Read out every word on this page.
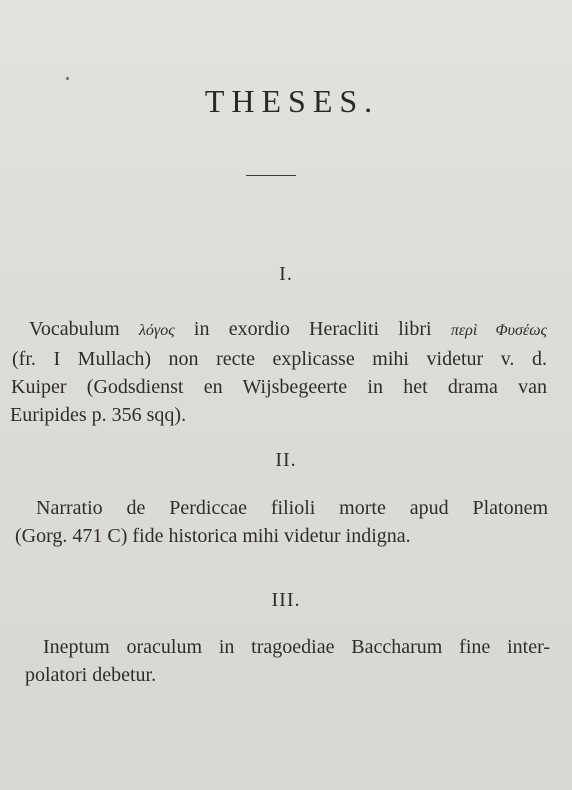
THESES.
I.
Vocabulum λόγος in exordio Heracliti libri περὶ Φυσέως
(fr. I Mullach) non recte explicasse mihi videtur v. d.
Kuiper (Godsdienst en Wijsbegeerte in het drama van
Euripides p. 356 sqq).
II.
Narratio de Perdiccae filioli morte apud Platonem
(Gorg. 471 C) fide historica mihi videtur indigna.
III.
Ineptum oraculum in tragoediae Baccharum fine inter-
polatori debetur.
